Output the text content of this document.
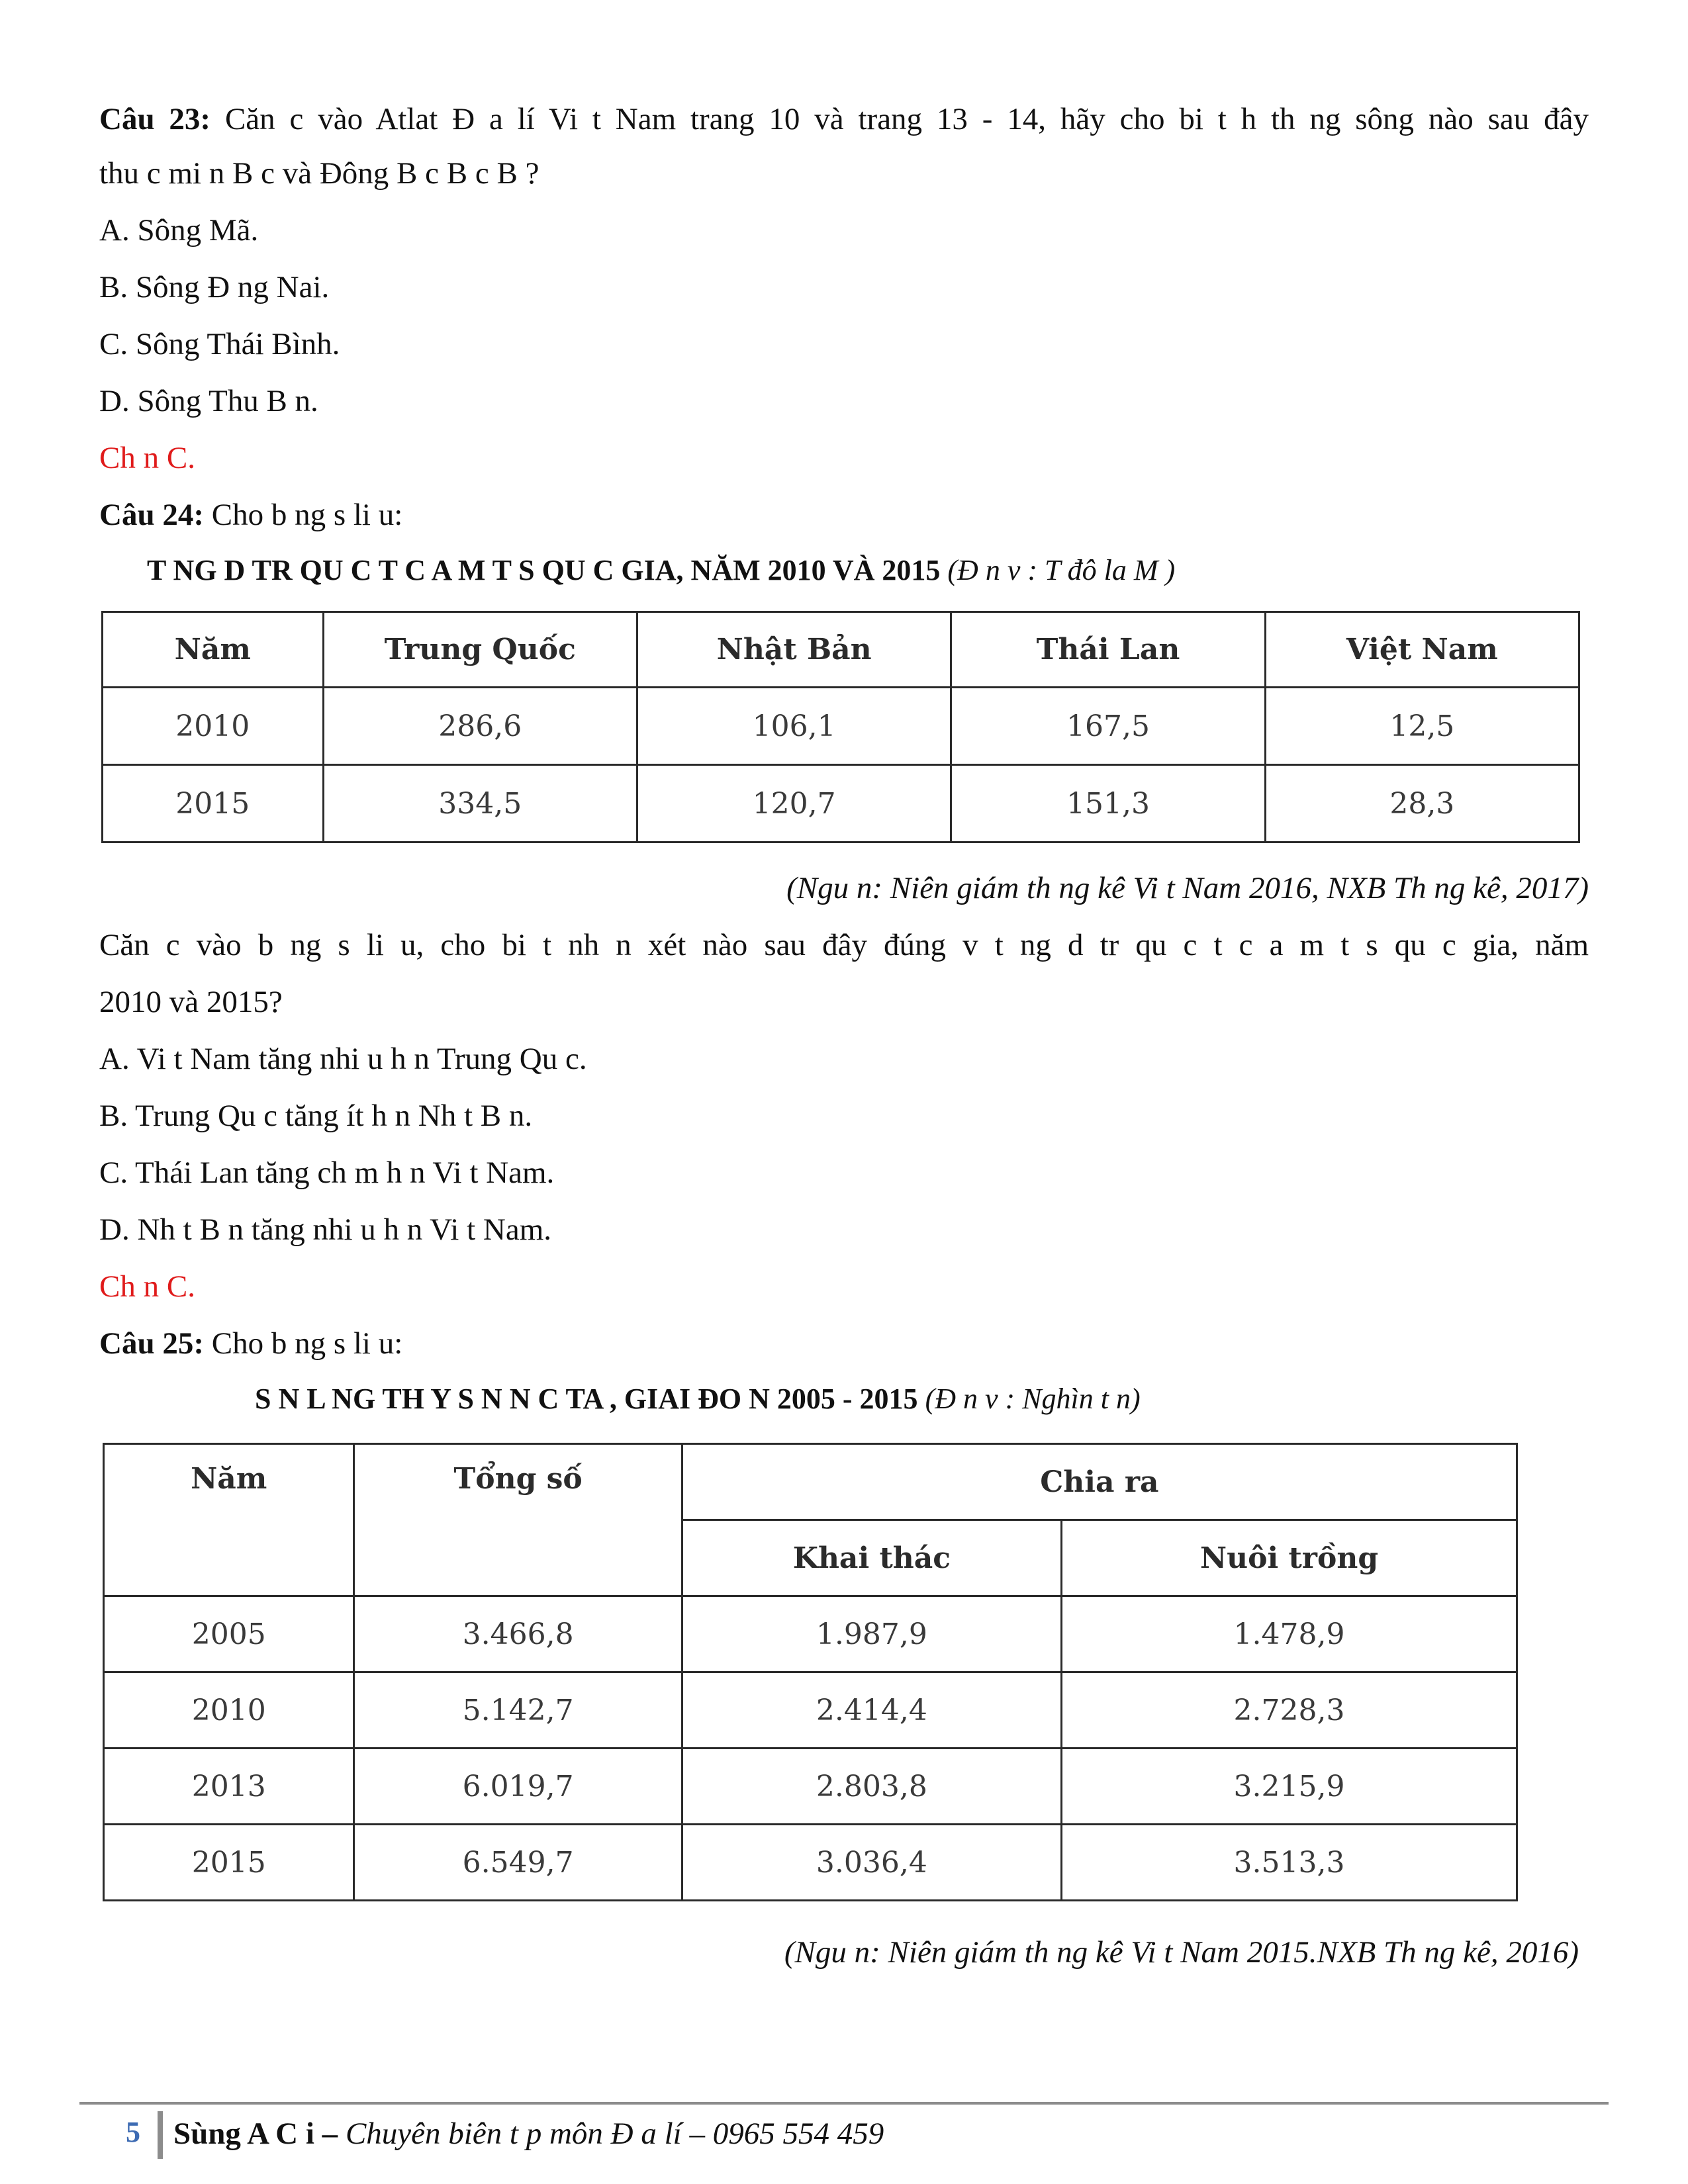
Câu 23: Căn c vào Atlat Đ a lí Vi t Nam trang 10 và trang 13 - 14, hãy cho bi t h th ng sông nào sau đây
thu c mi n B c và Đông B c B c B ?
A. Sông Mã.
B. Sông Đ ng Nai.
C. Sông Thái Bình.
D. Sông Thu B n.
Ch n C.
Câu 24: Cho b ng s li u:
T NG D TR QU C T C A M T S QU C GIA, NĂM 2010 VÀ 2015 (Đ n v : T đô la M )
Năm	Trung Quốc	Nhật Bản	Thái Lan	Việt Nam
2010	286,6	106,1	167,5	12,5
2015	334,5	120,7	151,3	28,3
(Ngu n: Niên giám th ng kê Vi t Nam 2016, NXB Th ng kê, 2017)
Căn c vào b ng s li u, cho bi t nh n xét nào sau đây đúng v t ng d tr qu c t c a m t s qu c gia, năm
2010 và 2015?
A. Vi t Nam tăng nhi u h n Trung Qu c.
B. Trung Qu c tăng ít h n Nh t B n.
C. Thái Lan tăng ch m h n Vi t Nam.
D. Nh t B n tăng nhi u h n Vi t Nam.
Ch n C.
Câu 25: Cho b ng s li u:
S N L NG TH Y S N N C TA , GIAI ĐO N 2005 - 2015 (Đ n v : Nghìn t n)
Năm	Tổng số	Chia ra	
		Khai thác	Nuôi trồng
2005	3.466,8	1.987,9	1.478,9
2010	5.142,7	2.414,4	2.728,3
2013	6.019,7	2.803,8	3.215,9
2015	6.549,7	3.036,4	3.513,3
(Ngu n: Niên giám th ng kê Vi t Nam 2015.NXB Th ng kê, 2016)
5 Sùng A C i – Chuyên biên t p môn Đ a lí – 0965 554 459
